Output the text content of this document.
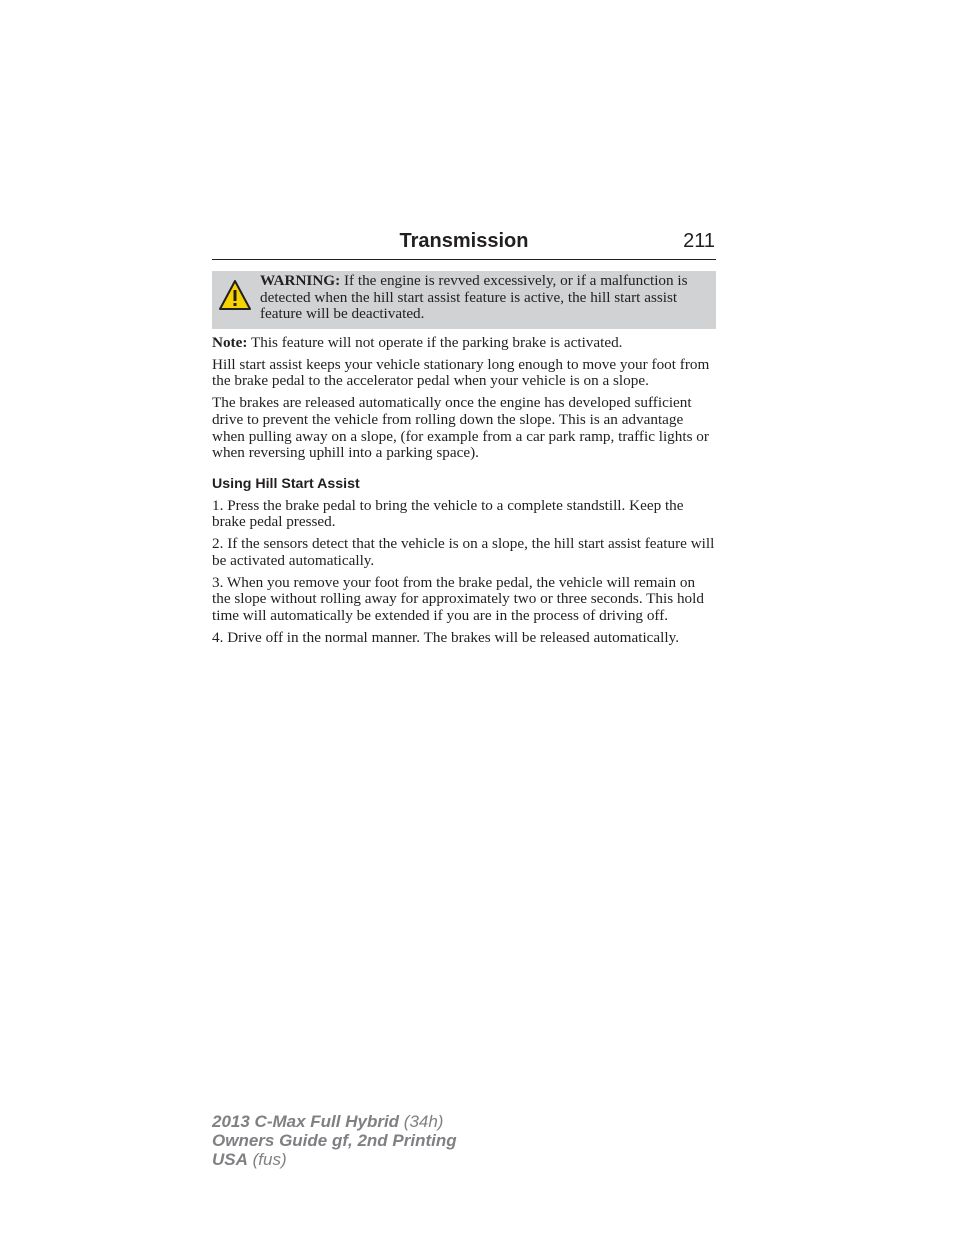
Transmission	211
WARNING: If the engine is revved excessively, or if a malfunction is detected when the hill start assist feature is active, the hill start assist feature will be deactivated.

Note: This feature will not operate if the parking brake is activated.

Hill start assist keeps your vehicle stationary long enough to move your foot from the brake pedal to the accelerator pedal when your vehicle is on a slope.

The brakes are released automatically once the engine has developed sufficient drive to prevent the vehicle from rolling down the slope. This is an advantage when pulling away on a slope, (for example from a car park ramp, traffic lights or when reversing uphill into a parking space).

Using Hill Start Assist

1. Press the brake pedal to bring the vehicle to a complete standstill. Keep the brake pedal pressed.

2. If the sensors detect that the vehicle is on a slope, the hill start assist feature will be activated automatically.

3. When you remove your foot from the brake pedal, the vehicle will remain on the slope without rolling away for approximately two or three seconds. This hold time will automatically be extended if you are in the process of driving off.

4. Drive off in the normal manner. The brakes will be released automatically.

2013 C-Max Full Hybrid (34h)
Owners Guide gf, 2nd Printing
USA (fus)
